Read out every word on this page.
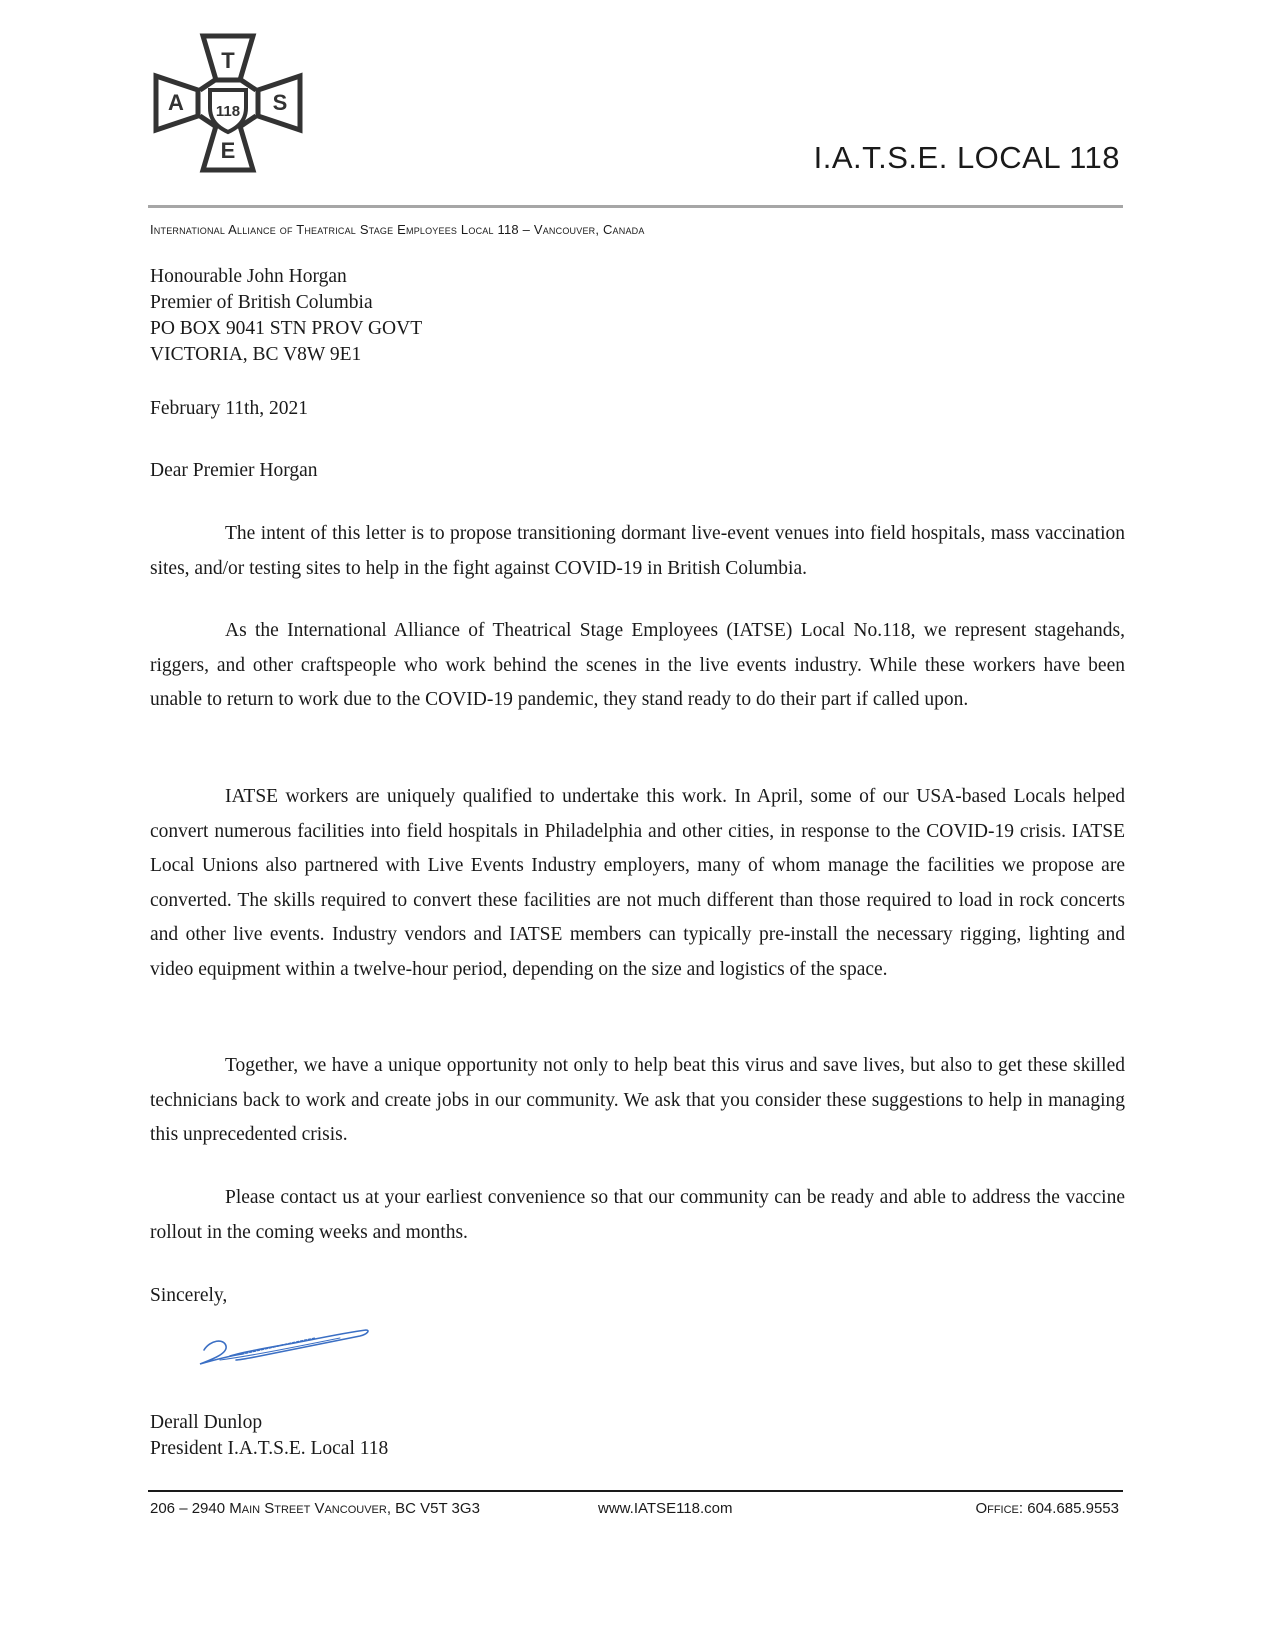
T
S
E
A 118
I.A.T.S.E. LOCAL 118
International Alliance of Theatrical Stage Employees Local 118 – Vancouver, Canada
Honourable John Horgan
Premier of British Columbia
PO BOX 9041 STN PROV GOVT
VICTORIA, BC V8W 9E1
February 11th, 2021
Dear Premier Horgan

The intent of this letter is to propose transitioning dormant live-event venues into field hospitals, mass vaccination sites, and/or testing sites to help in the fight against COVID-19 in British Columbia.

As the International Alliance of Theatrical Stage Employees (IATSE) Local No.118, we represent stagehands, riggers, and other craftspeople who work behind the scenes in the live events industry. While these workers have been unable to return to work due to the COVID-19 pandemic, they stand ready to do their part if called upon.

IATSE workers are uniquely qualified to undertake this work. In April, some of our USA-based Locals helped convert numerous facilities into field hospitals in Philadelphia and other cities, in response to the COVID-19 crisis. IATSE Local Unions also partnered with Live Events Industry employers, many of whom manage the facilities we propose are converted. The skills required to convert these facilities are not much different than those required to load in rock concerts and other live events. Industry vendors and IATSE members can typically pre-install the necessary rigging, lighting and video equipment within a twelve-hour period, depending on the size and logistics of the space.

Together, we have a unique opportunity not only to help beat this virus and save lives, but also to get these skilled technicians back to work and create jobs in our community. We ask that you consider these suggestions to help in managing this unprecedented crisis.

Please contact us at your earliest convenience so that our community can be ready and able to address the vaccine rollout in the coming weeks and months.

Sincerely,
Derall Dunlop
President I.A.T.S.E. Local 118
206 – 2940 Main Street Vancouver, BC V5T 3G3	www.IATSE118.com	Office: 604.685.9553
